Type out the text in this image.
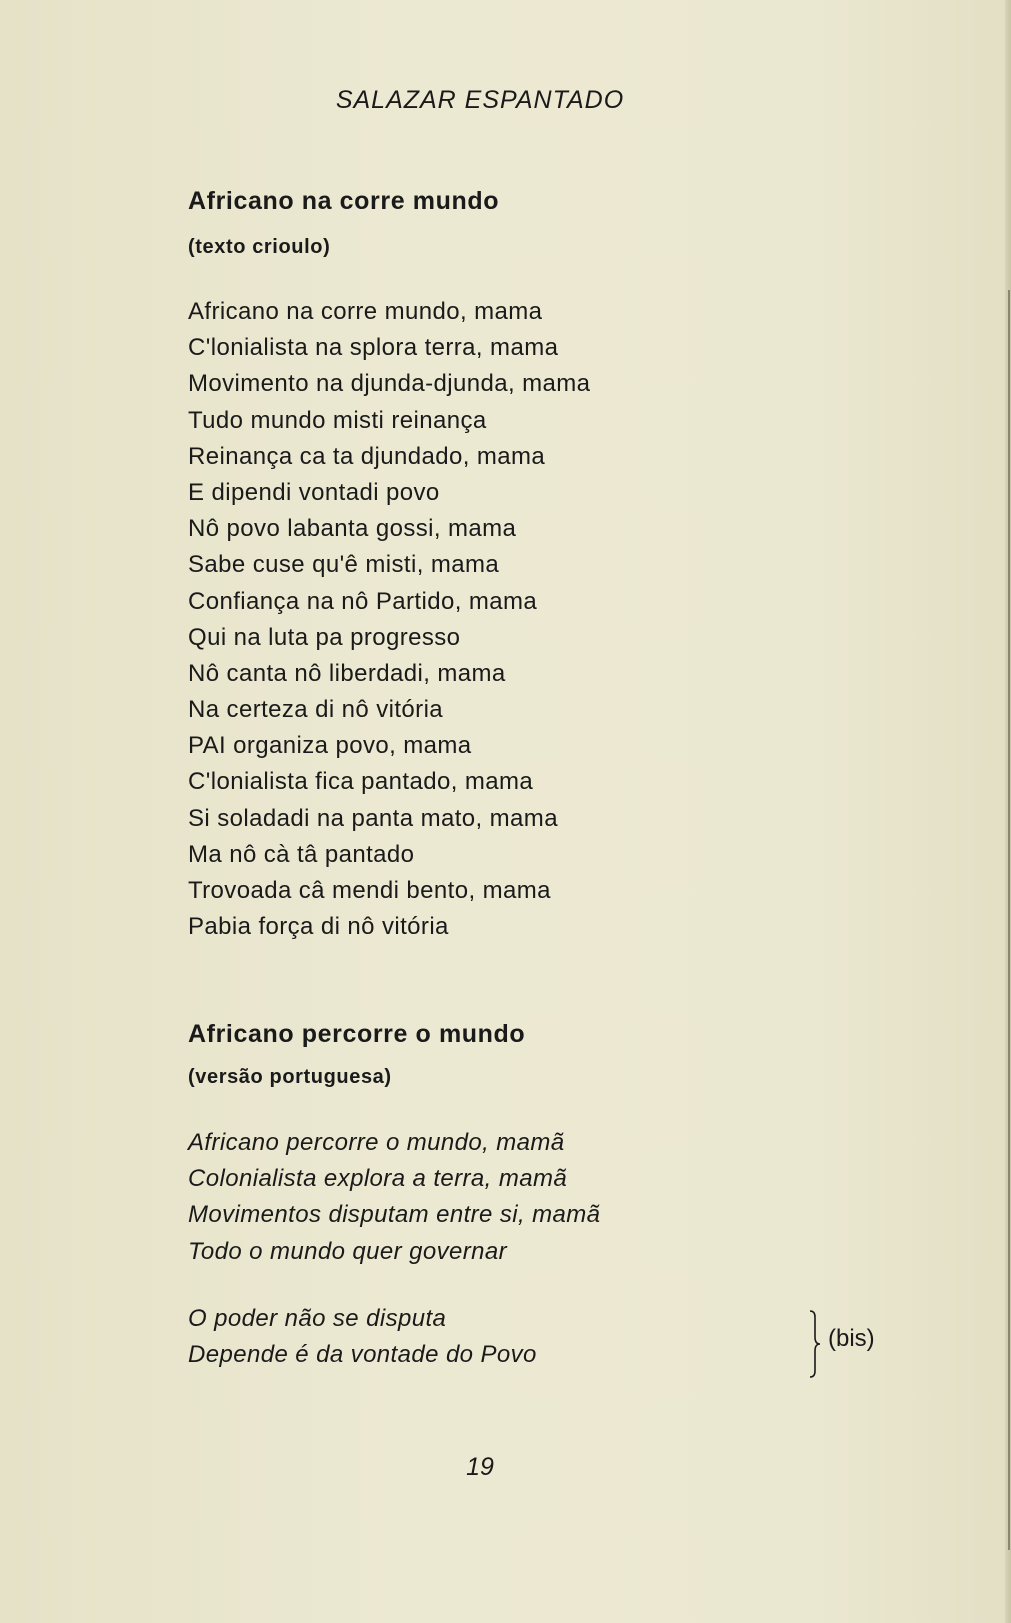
SALAZAR ESPANTADO
Africano na corre mundo
(texto crioulo)
Africano na corre mundo, mama
C'lonialista na splora terra, mama
Movimento na djunda-djunda, mama
Tudo mundo misti reinança
Reinança ca ta djundado, mama
E dipendi vontadi povo
Nô povo labanta gossi, mama
Sabe cuse qu'ê misti, mama
Confiança na nô Partido, mama
Qui na luta pa progresso
Nô canta nô liberdadi, mama
Na certeza di nô vitória
PAI organiza povo, mama
C'lonialista fica pantado, mama
Si soladadi na panta mato, mama
Ma nô cà tâ pantado
Trovoada câ mendi bento, mama
Pabia força di nô vitória
Africano percorre o mundo
(versão portuguesa)
Africano percorre o mundo, mamã
Colonialista explora a terra, mamã
Movimentos disputam entre si, mamã
Todo o mundo quer governar
O poder não se disputa
Depende é da vontade do Povo
(bis)
19
